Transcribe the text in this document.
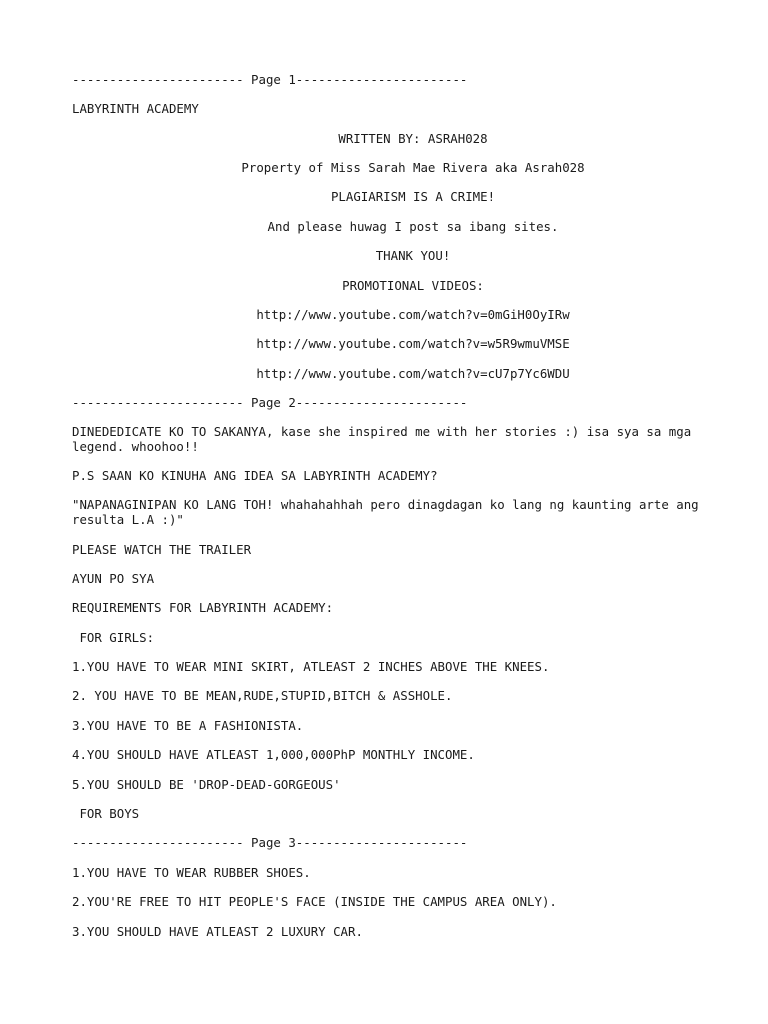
----------------------- Page 1-----------------------

LABYRINTH ACADEMY

WRITTEN BY: ASRAH028

Property of Miss Sarah Mae Rivera aka Asrah028

PLAGIARISM IS A CRIME!

And please huwag I post sa ibang sites.

THANK YOU!

PROMOTIONAL VIDEOS:

http://www.youtube.com/watch?v=0mGiH0OyIRw

http://www.youtube.com/watch?v=w5R9wmuVMSE

http://www.youtube.com/watch?v=cU7p7Yc6WDU

----------------------- Page 2-----------------------

DINEDEDICATE KO TO SAKANYA, kase she inspired me with her stories :) isa sya sa mga legend. whoohoo!!

P.S SAAN KO KINUHA ANG IDEA SA LABYRINTH ACADEMY?

"NAPANAGINIPAN KO LANG TOH! whahahahhah pero dinagdagan ko lang ng kaunting arte ang resulta L.A :)"

PLEASE WATCH THE TRAILER

AYUN PO SYA

REQUIREMENTS FOR LABYRINTH ACADEMY:

FOR GIRLS:

1.YOU HAVE TO WEAR MINI SKIRT, ATLEAST 2 INCHES ABOVE THE KNEES.

2. YOU HAVE TO BE MEAN,RUDE,STUPID,BITCH & ASSHOLE.

3.YOU HAVE TO BE A FASHIONISTA.

4.YOU SHOULD HAVE ATLEAST 1,000,000PhP MONTHLY INCOME.

5.YOU SHOULD BE 'DROP-DEAD-GORGEOUS'

FOR BOYS

----------------------- Page 3-----------------------

1.YOU HAVE TO WEAR RUBBER SHOES.

2.YOU'RE FREE TO HIT PEOPLE'S FACE (INSIDE THE CAMPUS AREA ONLY).

3.YOU SHOULD HAVE ATLEAST 2 LUXURY CAR.
